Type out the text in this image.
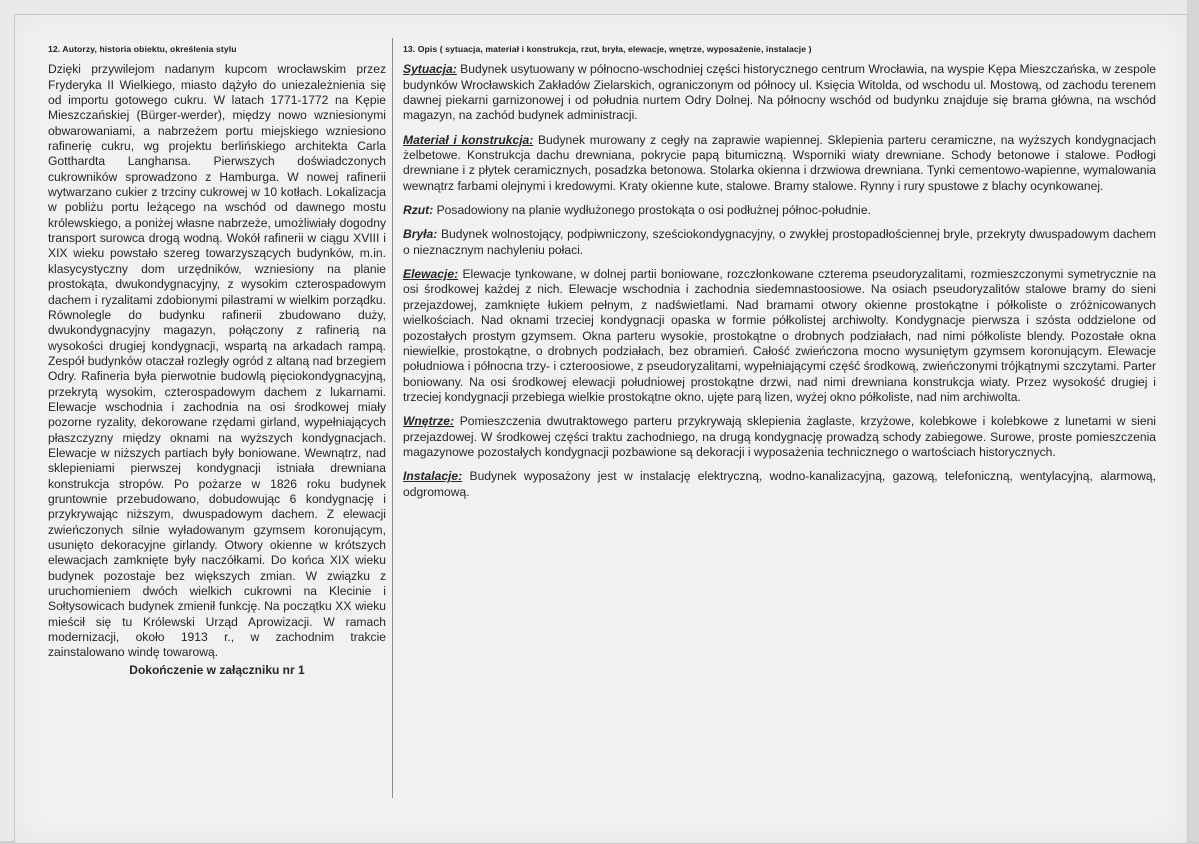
12. Autorzy, historia obiektu, określenia stylu

Dzięki przywilejom nadanym kupcom wrocławskim przez Fryderyka II Wielkiego, miasto dążyło do uniezależnienia się od importu gotowego cukru. W latach 1771-1772 na Kępie Mieszczańskiej (Bürger-werder), między nowo wzniesionymi obwarowaniami, a nabrzeżem portu miejskiego wzniesiono rafinerię cukru, wg projektu berlińskiego architekta Carla Gotthardta Langhansa. Pierwszych doświadczonych cukrowników sprowadzono z Hamburga. W nowej rafinerii wytwarzano cukier z trzciny cukrowej w 10 kotłach. Lokalizacja w pobliżu portu leżącego na wschód od dawnego mostu królewskiego, a poniżej własne nabrzeże, umożliwiały dogodny transport surowca drogą wodną. Wokół rafinerii w ciągu XVIII i XIX wieku powstało szereg towarzyszących budynków, m.in. klasycystyczny dom urzędników, wzniesiony na planie prostokąta, dwukondygnacyjny, z wysokim czterospadowym dachem i ryzalitami zdobionymi pilastrami w wielkim porządku. Równolegle do budynku rafinerii zbudowano duży, dwukondygnacyjny magazyn, połączony z rafinerią na wysokości drugiej kondygnacji, wspartą na arkadach rampą. Zespół budynków otaczał rozległy ogród z altaną nad brzegiem Odry. Rafineria była pierwotnie budowlą pięciokondygnacyjną, przekrytą wysokim, czterospadowym dachem z lukarnami. Elewacje wschodnia i zachodnia na osi środkowej miały pozorne ryzality, dekorowane rzędami girland, wypełniających płaszczyzny między oknami na wyższych kondygnacjach. Elewacje w niższych partiach były boniowane. Wewnątrz, nad sklepieniami pierwszej kondygnacji istniała drewniana konstrukcja stropów. Po pożarze w 1826 roku budynek gruntownie przebudowano, dobudowując 6 kondygnację i przykrywając niższym, dwuspadowym dachem. Z elewacji zwieńczonych silnie wyładowanym gzymsem koronującym, usunięto dekoracyjne girlandy. Otwory okienne w krótszych elewacjach zamknięte były naczółkami. Do końca XIX wieku budynek pozostaje bez większych zmian. W związku z uruchomieniem dwóch wielkich cukrowni na Klecinie i Sołtysowicach budynek zmienił funkcję. Na początku XX wieku mieścił się tu Królewski Urząd Aprowizacji. W ramach modernizacji, około 1913 r., w zachodnim trakcie zainstalowano windę towarową.

Dokończenie w załączniku nr 1
13. Opis ( sytuacja, materiał i konstrukcja, rzut, bryła, elewacje, wnętrze, wyposażenie, instalacje )

Sytuacja: Budynek usytuowany w północno-wschodniej części historycznego centrum Wrocławia, na wyspie Kępa Mieszczańska, w zespole budynków Wrocławskich Zakładów Zielarskich, ograniczonym od północy ul. Księcia Witolda, od wschodu ul. Mostową, od zachodu terenem dawnej piekarni garnizonowej i od południa nurtem Odry Dolnej. Na północny wschód od budynku znajduje się brama główna, na wschód magazyn, na zachód budynek administracji.

Materiał i konstrukcja: Budynek murowany z cegły na zaprawie wapiennej. Sklepienia parteru ceramiczne, na wyższych kondygnacjach żelbetowe. Konstrukcja dachu drewniana, pokrycie papą bitumiczną. Wsporniki wiaty drewniane. Schody betonowe i stalowe. Podłogi drewniane i z płytek ceramicznych, posadzka betonowa. Stolarka okienna i drzwiowa drewniana. Tynki cementowo-wapienne, wymalowania wewnątrz farbami olejnymi i kredowymi. Kraty okienne kute, stalowe. Bramy stalowe. Rynny i rury spustowe z blachy ocynkowanej.

Rzut: Posadowiony na planie wydłużonego prostokąta o osi podłużnej północ-południe.

Bryła: Budynek wolnostojący, podpiwniczony, sześciokondygnacyjny, o zwykłej prostopadłościennej bryle, przekryty dwuspadowym dachem o nieznacznym nachyleniu połaci.

Elewacje: Elewacje tynkowane, w dolnej partii boniowane, rozczłonkowane czterema pseudoryzalitami, rozmieszczonymi symetrycznie na osi środkowej każdej z nich. Elewacje wschodnia i zachodnia siedemnastoosiowe. Na osiach pseudoryzalitów stalowe bramy do sieni przejazdowej, zamknięte łukiem pełnym, z nadświetlami. Nad bramami otwory okienne prostokątne i półkoliste o zróżnicowanych wielkościach. Nad oknami trzeciej kondygnacji opaska w formie półkolistej archiwolty. Kondygnacje pierwsza i szósta oddzielone od pozostałych prostym gzymsem. Okna parteru wysokie, prostokątne o drobnych podziałach, nad nimi półkoliste blendy. Pozostałe okna niewielkie, prostokątne, o drobnych podziałach, bez obramień. Całość zwieńczona mocno wysuniętym gzymsem koronującym. Elewacje południowa i północna trzy- i czteroosiowe, z pseudoryzalitami, wypełniającymi część środkową, zwieńczonymi trójkątnymi szczytami. Parter boniowany. Na osi środkowej elewacji południowej prostokątne drzwi, nad nimi drewniana konstrukcja wiaty. Przez wysokość drugiej i trzeciej kondygnacji przebiega wielkie prostokątne okno, ujęte parą lizen, wyżej okno półkoliste, nad nim archiwolta.

Wnętrze: Pomieszczenia dwutraktowego parteru przykrywają sklepienia żaglaste, krzyżowe, kolebkowe i kolebkowe z lunetami w sieni przejazdowej. W środkowej części traktu zachodniego, na drugą kondygnację prowadzą schody zabiegowe. Surowe, proste pomieszczenia magazynowe pozostałych kondygnacji pozbawione są dekoracji i wyposażenia technicznego o wartościach historycznych.

Instalacje: Budynek wyposażony jest w instalację elektryczną, wodno-kanalizacyjną, gazową, telefoniczną, wentylacyjną, alarmową, odgromową.
